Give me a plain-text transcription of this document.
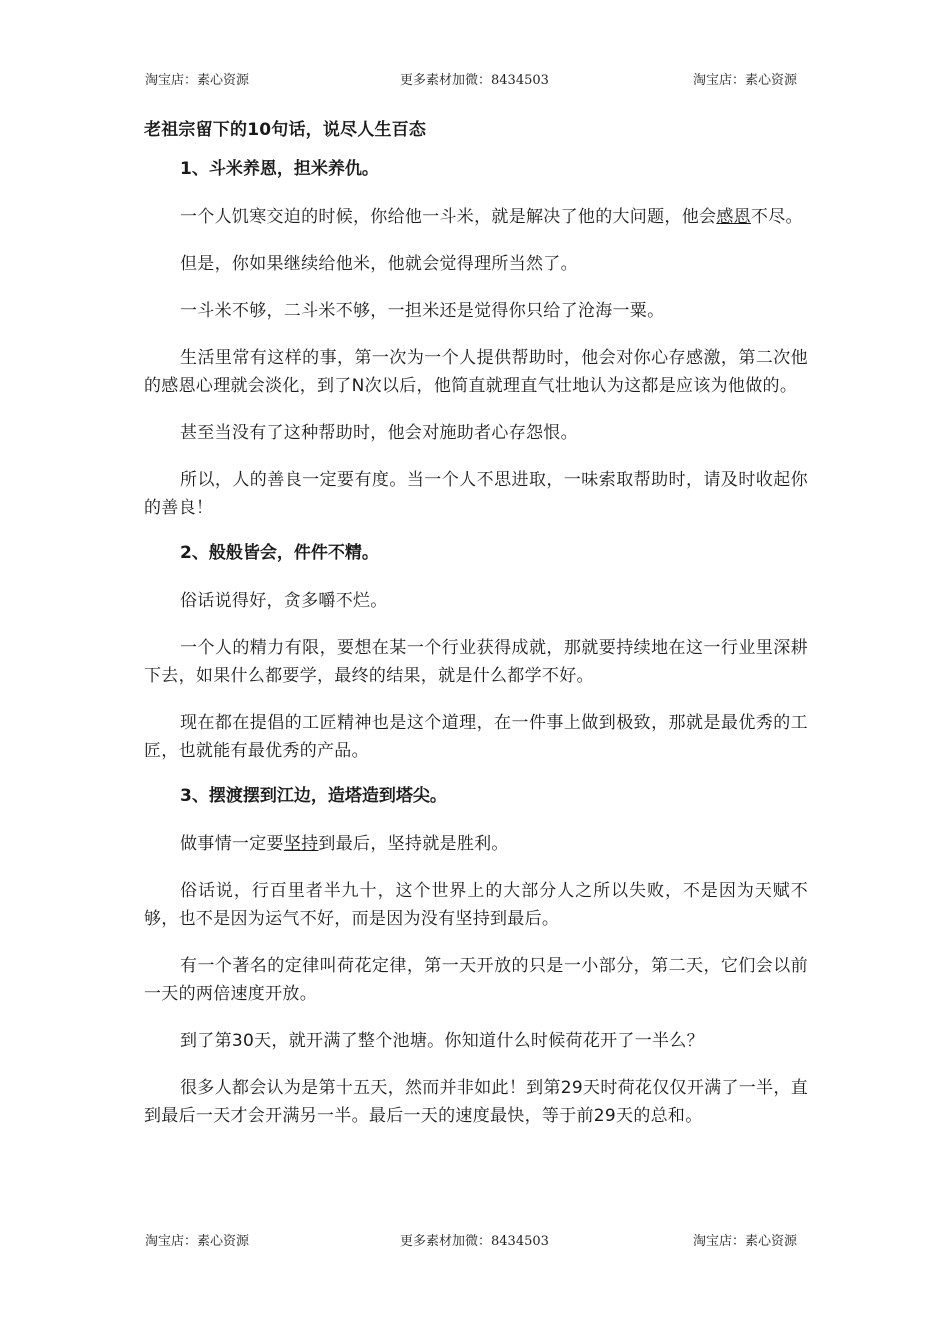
淘宝店：素心资源	更多素材加微：8434503	淘宝店：素心资源
老祖宗留下的10句话，说尽人生百态
1、斗米养恩，担米养仇。
一个人饥寒交迫的时候，你给他一斗米，就是解决了他的大问题，他会感恩不尽。
但是，你如果继续给他米，他就会觉得理所当然了。
一斗米不够，二斗米不够，一担米还是觉得你只给了沧海一粟。
生活里常有这样的事，第一次为一个人提供帮助时，他会对你心存感激，第二次他的感恩心理就会淡化，到了N次以后，他简直就理直气壮地认为这都是应该为他做的。
甚至当没有了这种帮助时，他会对施助者心存怨恨。
所以，人的善良一定要有度。当一个人不思进取，一味索取帮助时，请及时收起你的善良！
2、般般皆会，件件不精。
俗话说得好，贪多嚼不烂。
一个人的精力有限，要想在某一个行业获得成就，那就要持续地在这一行业里深耕下去，如果什么都要学，最终的结果，就是什么都学不好。
现在都在提倡的工匠精神也是这个道理，在一件事上做到极致，那就是最优秀的工匠，也就能有最优秀的产品。
3、摆渡摆到江边，造塔造到塔尖。
做事情一定要坚持到最后，坚持就是胜利。
俗话说，行百里者半九十，这个世界上的大部分人之所以失败，不是因为天赋不够，也不是因为运气不好，而是因为没有坚持到最后。
有一个著名的定律叫荷花定律，第一天开放的只是一小部分，第二天，它们会以前一天的两倍速度开放。
到了第30天，就开满了整个池塘。你知道什么时候荷花开了一半么？
很多人都会认为是第十五天，然而并非如此！到第29天时荷花仅仅开满了一半，直到最后一天才会开满另一半。最后一天的速度最快，等于前29天的总和。
淘宝店：素心资源	更多素材加微：8434503	淘宝店：素心资源
